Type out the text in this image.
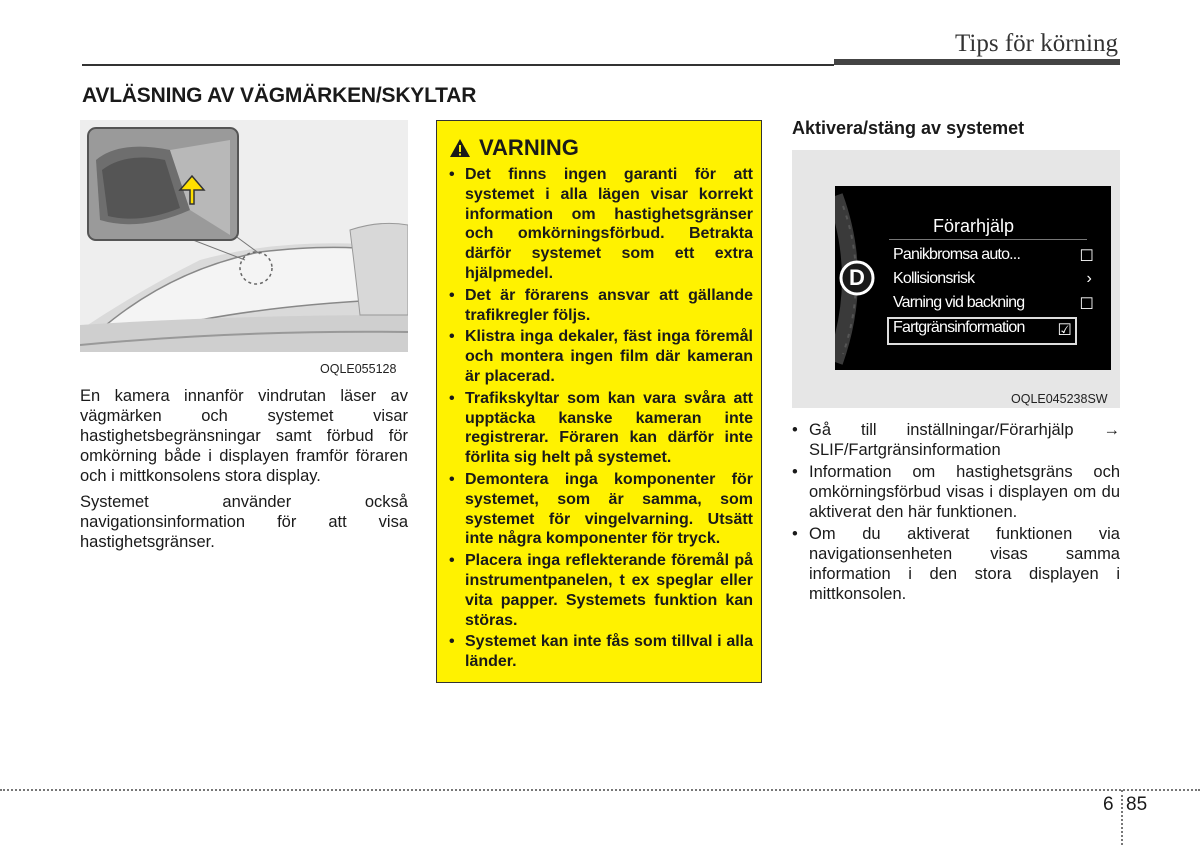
Tips för körning
AVLÄSNING AV VÄGMÄRKEN/SKYLTAR
OQLE055128

En kamera innanför vindrutan läser av vägmärken och systemet visar hastighetsbegränsningar samt förbud för omkörning både i displayen framför föraren och i mittkonsolens stora display.

Systemet använder också navigationsinformation för att visa hastighetsgränser.

VARNING
• Det finns ingen garanti för att systemet i alla lägen visar korrekt information om hastighetsgränser och omkörningsförbud. Betrakta därför systemet som ett extra hjälpmedel.
• Det är förarens ansvar att gällande trafikregler följs.
• Klistra inga dekaler, fäst inga föremål och montera ingen film där kameran är placerad.
• Trafikskyltar som kan vara svåra att upptäcka kanske kameran inte registrerar. Föraren kan därför inte förlita sig helt på systemet.
• Demontera inga komponenter för systemet, som är samma, som systemet för vingelvarning. Utsätt inte några komponenter för tryck.
• Placera inga reflekterande föremål på instrumentpanelen, t ex speglar eller vita papper. Systemets funktion kan störas.
• Systemet kan inte fås som tillval i alla länder.
Aktivera/stäng av systemet
D
Förarhjälp
Panikbromsa auto...	☐
Kollisionsrisk	›
Varning vid backning	☐
Fartgränsinformation ☑
OQLE045238SW
• Gå till inställningar/Förarhjälp → SLIF/Fartgränsinformation
• Information om hastighetsgräns och omkörningsförbud visas i displayen om du aktiverat den här funktionen.
• Om du aktiverat funktionen via navigationsenheten visas samma information i den stora displayen i mittkonsolen.
6 85
